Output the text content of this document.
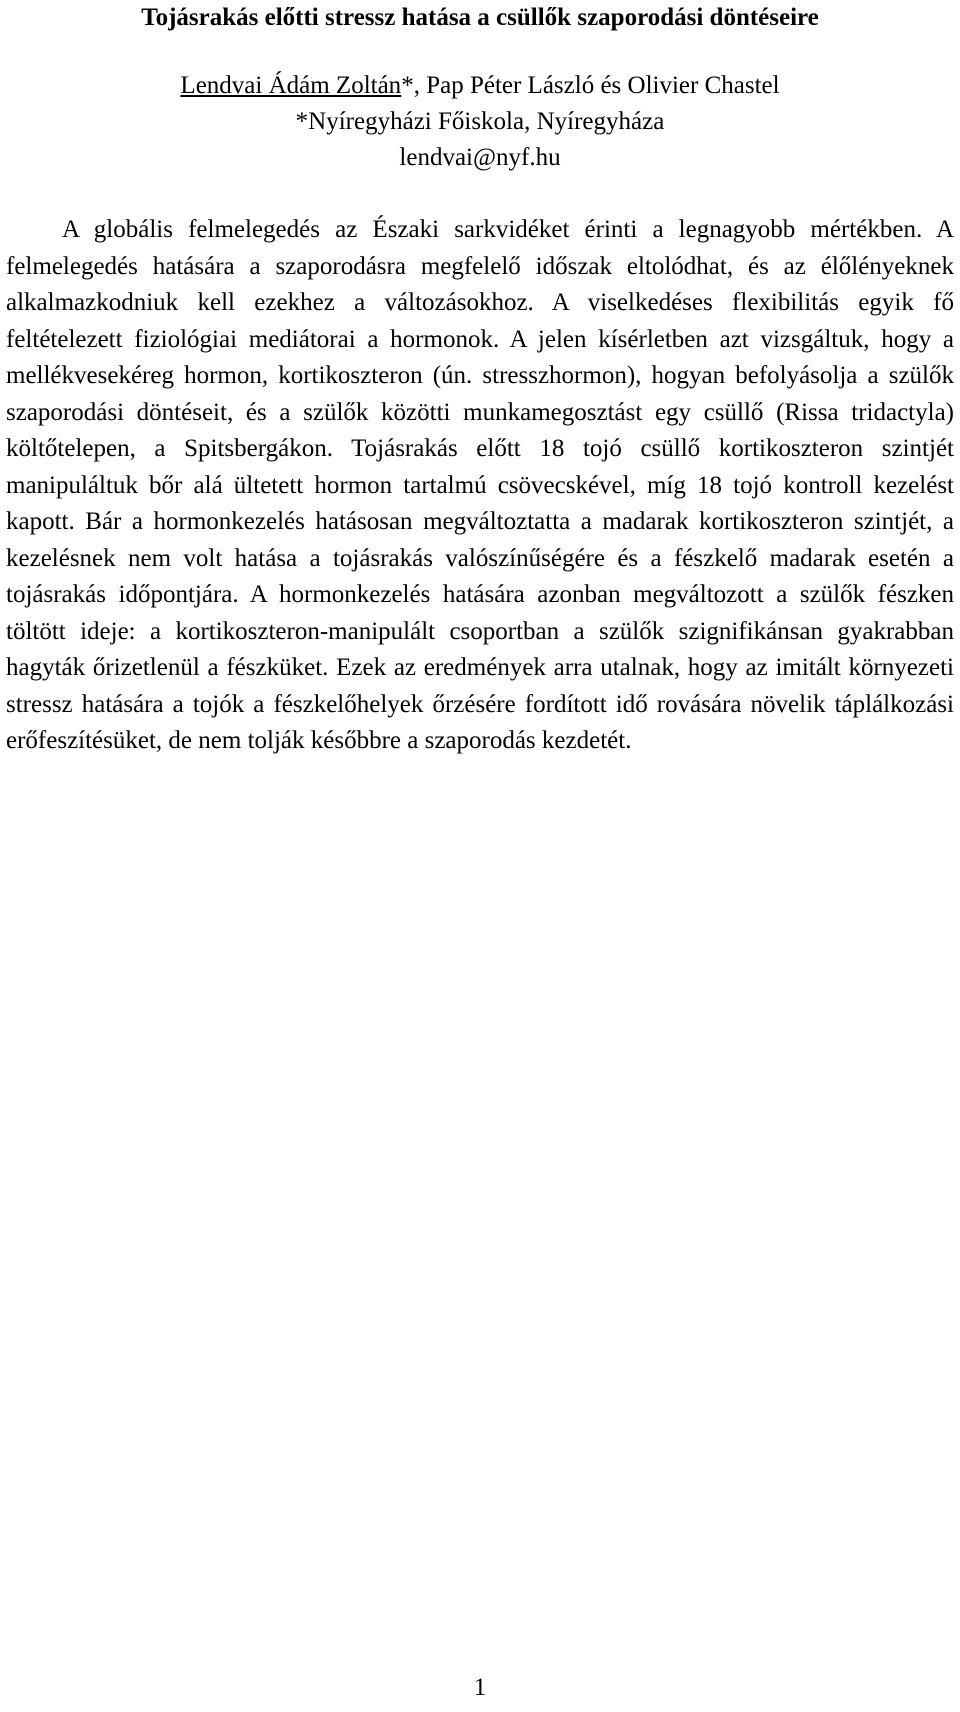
Tojásrakás előtti stressz hatása a csüllők szaporodási döntéseire

Lendvai Ádám Zoltán*, Pap Péter László és Olivier Chastel

*Nyíregyházi Főiskola, Nyíregyháza

lendvai@nyf.hu

A globális felmelegedés az Északi sarkvidéket érinti a legnagyobb mértékben. A felmelegedés hatására a szaporodásra megfelelő időszak eltolódhat, és az élőlényeknek alkalmazkodniuk kell ezekhez a változásokhoz. A viselkedéses flexibilitás egyik fő feltételezett fiziológiai mediátorai a hormonok. A jelen kísérletben azt vizsgáltuk, hogy a mellékvesekéreg hormon, kortikoszteron (ún. stresszhormon), hogyan befolyásolja a szülők szaporodási döntéseit, és a szülők közötti munkamegosztást egy csüllő (Rissa tridactyla) költőtelepen, a Spitsbergákon. Tojásrakás előtt 18 tojó csüllő kortikoszteron szintjét manipuláltuk bőr alá ültetett hormon tartalmú csövecskével, míg 18 tojó kontroll kezelést kapott. Bár a hormonkezelés hatásosan megváltoztatta a madarak kortikoszteron szintjét, a kezelésnek nem volt hatása a tojásrakás valószínűségére és a fészkelő madarak esetén a tojásrakás időpontjára. A hormonkezelés hatására azonban megváltozott a szülők fészken töltött ideje: a kortikoszteron-manipulált csoportban a szülők szignifikánsan gyakrabban hagyták őrizetlenül a fészküket. Ezek az eredmények arra utalnak, hogy az imitált környezeti stressz hatására a tojók a fészkelőhelyek őrzésére fordított idő rovására növelik táplálkozási erőfeszítésüket, de nem tolják későbbre a szaporodás kezdetét.

1
